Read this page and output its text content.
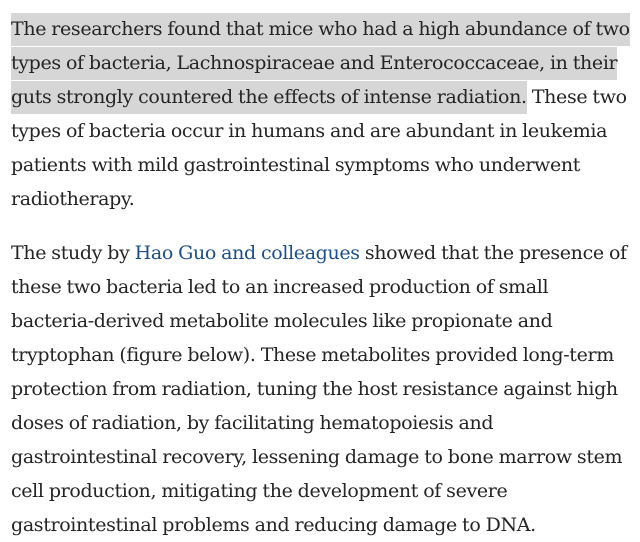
The researchers found that mice who had a high abundance of two types of bacteria, Lachnospiraceae and Enterococcaceae, in their guts strongly countered the effects of intense radiation. These two types of bacteria occur in humans and are abundant in leukemia patients with mild gastrointestinal symptoms who underwent radiotherapy.

The study by Hao Guo and colleagues showed that the presence of these two bacteria led to an increased production of small bacteria-derived metabolite molecules like propionate and tryptophan (figure below). These metabolites provided long-term protection from radiation, tuning the host resistance against high doses of radiation, by facilitating hematopoiesis and gastrointestinal recovery, lessening damage to bone marrow stem cell production, mitigating the development of severe gastrointestinal problems and reducing damage to DNA.
